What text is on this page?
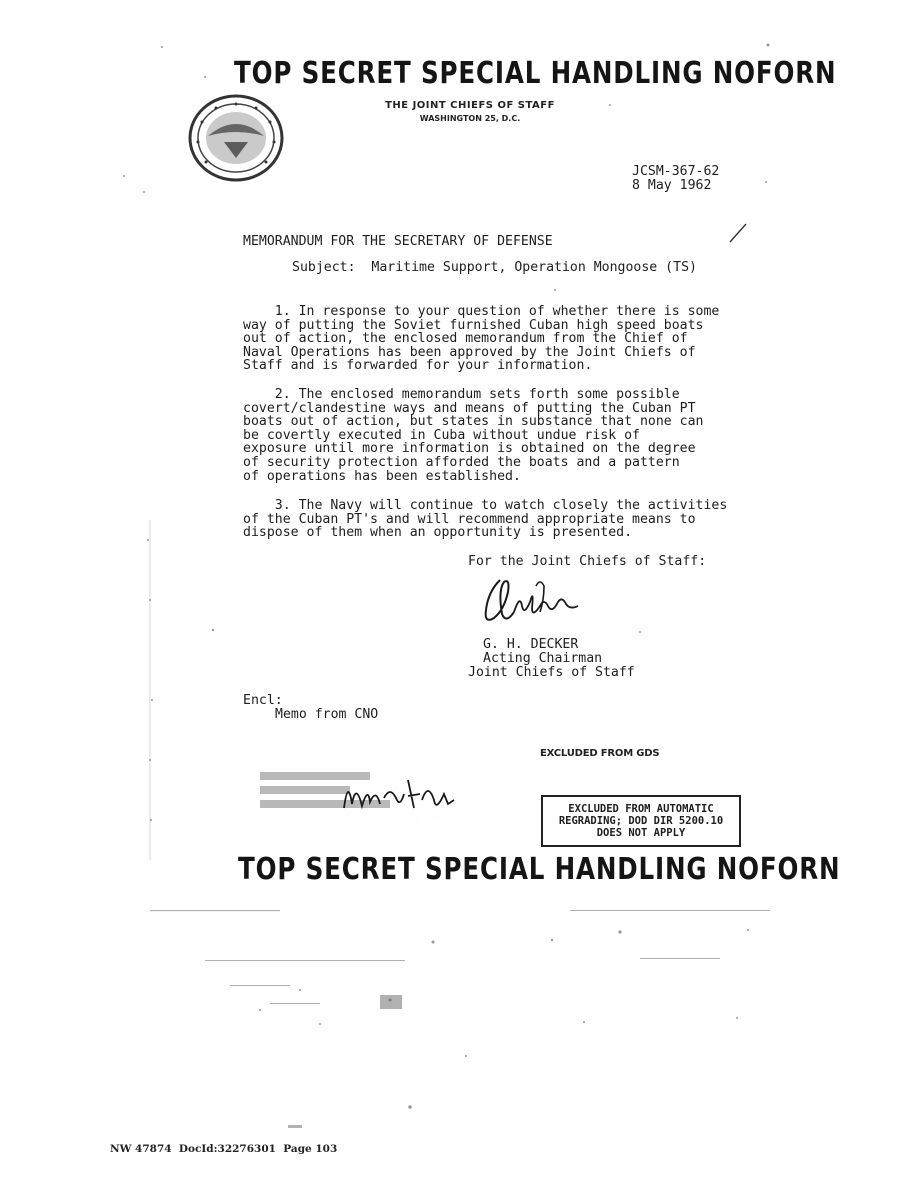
TOP SECRET SPECIAL HANDLING NOFORN
THE JOINT CHIEFS OF STAFF
WASHINGTON 25, D.C.
JCSM-367-62
8 May 1962
MEMORANDUM FOR THE SECRETARY OF DEFENSE
Subject: Maritime Support, Operation Mongoose (TS)
1. In response to your question of whether there is some
way of putting the Soviet furnished Cuban high speed boats
out of action, the enclosed memorandum from the Chief of
Naval Operations has been approved by the Joint Chiefs of
Staff and is forwarded for your information.
2. The enclosed memorandum sets forth some possible
covert/clandestine ways and means of putting the Cuban PT
boats out of action, but states in substance that none can
be covertly executed in Cuba without undue risk of
exposure until more information is obtained on the degree
of security protection afforded the boats and a pattern
of operations has been established.
3. The Navy will continue to watch closely the activities
of the Cuban PT's and will recommend appropriate means to
dispose of them when an opportunity is presented.
For the Joint Chiefs of Staff:
G. H. DECKER
Acting Chairman
Joint Chiefs of Staff
Encl:
Memo from CNO
EXCLUDED FROM GDS
EXCLUDED FROM AUTOMATIC
REGRADING; DOD DIR 5200.10
DOES NOT APPLY
TOP SECRET SPECIAL HANDLING NOFORN
NW 47874  DocId:32276301  Page 103
